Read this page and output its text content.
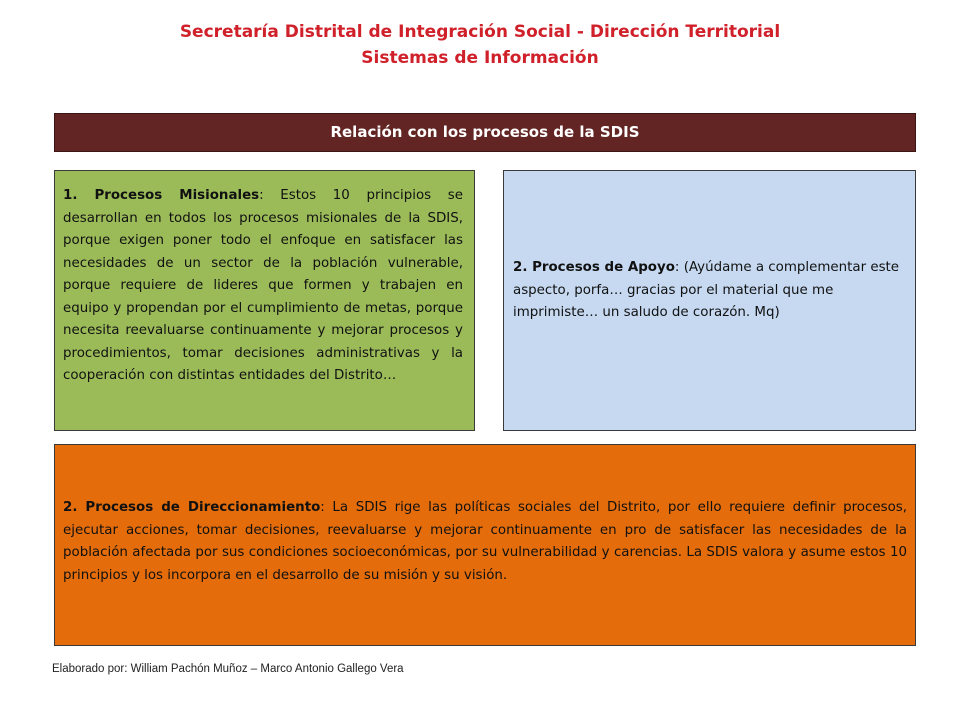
Secretaría Distrital de Integración Social - Dirección Territorial
Sistemas de Información
Relación con los procesos de la SDIS
1. Procesos Misionales: Estos 10 principios se desarrollan en todos los procesos misionales de la SDIS, porque exigen poner todo el enfoque en satisfacer las necesidades de un sector de la población vulnerable, porque requiere de lideres que formen y trabajen en equipo y propendan por el cumplimiento de metas, porque necesita reevaluarse continuamente y mejorar procesos y procedimientos, tomar decisiones administrativas y la cooperación con distintas entidades del Distrito…
2. Procesos de Apoyo: (Ayúdame a complementar este aspecto, porfa… gracias por el material que me imprimiste… un saludo de corazón. Mq)
2. Procesos de Direccionamiento: La SDIS rige las políticas sociales del Distrito, por ello requiere definir procesos, ejecutar acciones, tomar decisiones, reevaluarse y mejorar continuamente en pro de satisfacer las necesidades de la población afectada por sus condiciones socioeconómicas, por su vulnerabilidad y carencias. La SDIS valora y asume estos 10 principios y los incorpora en el desarrollo de su misión y su visión.
Elaborado por: William Pachón Muñoz – Marco Antonio Gallego Vera
